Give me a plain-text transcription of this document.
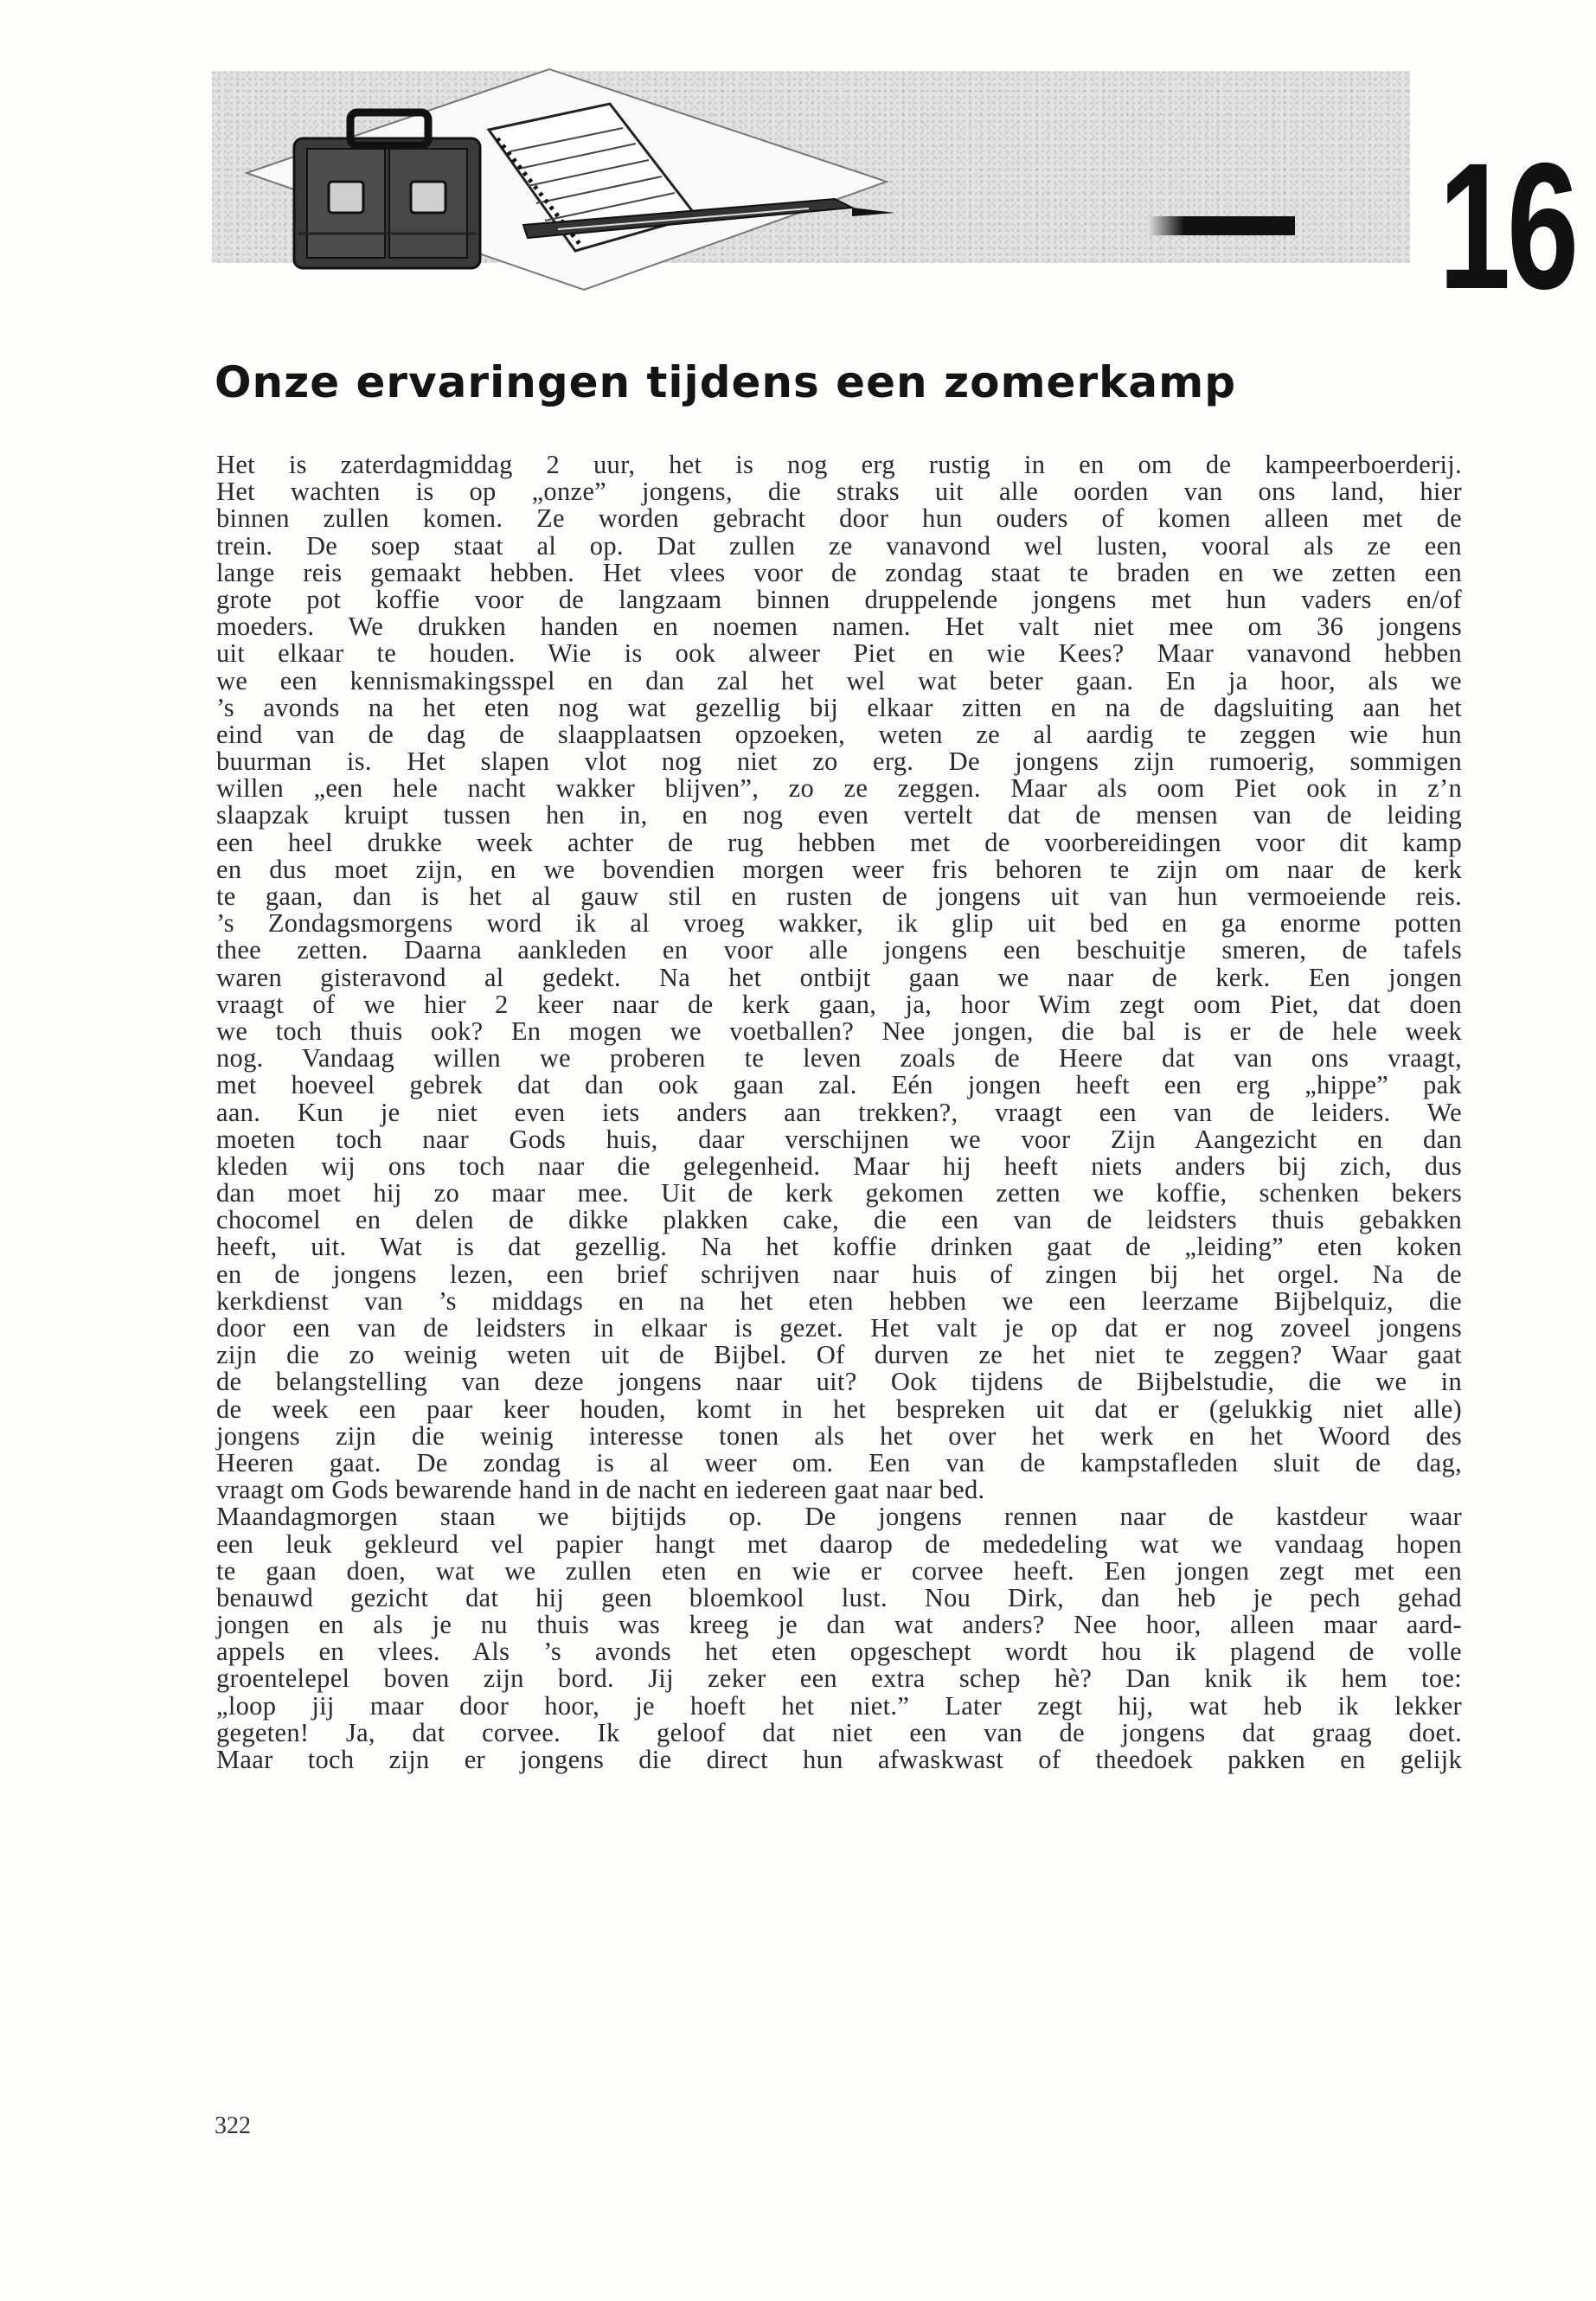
16
Onze ervaringen tijdens een zomerkamp
Het is zaterdagmiddag 2 uur, het is nog erg rustig in en om de kampeerboerderij.
Het wachten is op „onze” jongens, die straks uit alle oorden van ons land, hier
binnen zullen komen. Ze worden gebracht door hun ouders of komen alleen met de
trein. De soep staat al op. Dat zullen ze vanavond wel lusten, vooral als ze een
lange reis gemaakt hebben. Het vlees voor de zondag staat te braden en we zetten een
grote pot koffie voor de langzaam binnen druppelende jongens met hun vaders en/of
moeders. We drukken handen en noemen namen. Het valt niet mee om 36 jongens
uit elkaar te houden. Wie is ook alweer Piet en wie Kees? Maar vanavond hebben
we een kennismakingsspel en dan zal het wel wat beter gaan. En ja hoor, als we
’s avonds na het eten nog wat gezellig bij elkaar zitten en na de dagsluiting aan het
eind van de dag de slaapplaatsen opzoeken, weten ze al aardig te zeggen wie hun
buurman is. Het slapen vlot nog niet zo erg. De jongens zijn rumoerig, sommigen
willen „een hele nacht wakker blijven”, zo ze zeggen. Maar als oom Piet ook in z’n
slaapzak kruipt tussen hen in, en nog even vertelt dat de mensen van de leiding
een heel drukke week achter de rug hebben met de voorbereidingen voor dit kamp
en dus moet zijn, en we bovendien morgen weer fris behoren te zijn om naar de kerk
te gaan, dan is het al gauw stil en rusten de jongens uit van hun vermoeiende reis.
’s Zondagsmorgens word ik al vroeg wakker, ik glip uit bed en ga enorme potten
thee zetten. Daarna aankleden en voor alle jongens een beschuitje smeren, de tafels
waren gisteravond al gedekt. Na het ontbijt gaan we naar de kerk. Een jongen
vraagt of we hier 2 keer naar de kerk gaan, ja, hoor Wim zegt oom Piet, dat doen
we toch thuis ook? En mogen we voetballen? Nee jongen, die bal is er de hele week
nog. Vandaag willen we proberen te leven zoals de Heere dat van ons vraagt,
met hoeveel gebrek dat dan ook gaan zal. Eén jongen heeft een erg „hippe” pak
aan. Kun je niet even iets anders aan trekken?, vraagt een van de leiders. We
moeten toch naar Gods huis, daar verschijnen we voor Zijn Aangezicht en dan
kleden wij ons toch naar die gelegenheid. Maar hij heeft niets anders bij zich, dus
dan moet hij zo maar mee. Uit de kerk gekomen zetten we koffie, schenken bekers
chocomel en delen de dikke plakken cake, die een van de leidsters thuis gebakken
heeft, uit. Wat is dat gezellig. Na het koffie drinken gaat de „leiding” eten koken
en de jongens lezen, een brief schrijven naar huis of zingen bij het orgel. Na de
kerkdienst van ’s middags en na het eten hebben we een leerzame Bijbelquiz, die
door een van de leidsters in elkaar is gezet. Het valt je op dat er nog zoveel jongens
zijn die zo weinig weten uit de Bijbel. Of durven ze het niet te zeggen? Waar gaat
de belangstelling van deze jongens naar uit? Ook tijdens de Bijbelstudie, die we in
de week een paar keer houden, komt in het bespreken uit dat er (gelukkig niet alle)
jongens zijn die weinig interesse tonen als het over het werk en het Woord des
Heeren gaat. De zondag is al weer om. Een van de kampstafleden sluit de dag,
vraagt om Gods bewarende hand in de nacht en iedereen gaat naar bed.
Maandagmorgen staan we bijtijds op. De jongens rennen naar de kastdeur waar
een leuk gekleurd vel papier hangt met daarop de mededeling wat we vandaag hopen
te gaan doen, wat we zullen eten en wie er corvee heeft. Een jongen zegt met een
benauwd gezicht dat hij geen bloemkool lust. Nou Dirk, dan heb je pech gehad
jongen en als je nu thuis was kreeg je dan wat anders? Nee hoor, alleen maar aard-
appels en vlees. Als ’s avonds het eten opgeschept wordt hou ik plagend de volle
groentelepel boven zijn bord. Jij zeker een extra schep hè? Dan knik ik hem toe:
„loop jij maar door hoor, je hoeft het niet.” Later zegt hij, wat heb ik lekker
gegeten! Ja, dat corvee. Ik geloof dat niet een van de jongens dat graag doet.
Maar toch zijn er jongens die direct hun afwaskwast of theedoek pakken en gelijk
322
